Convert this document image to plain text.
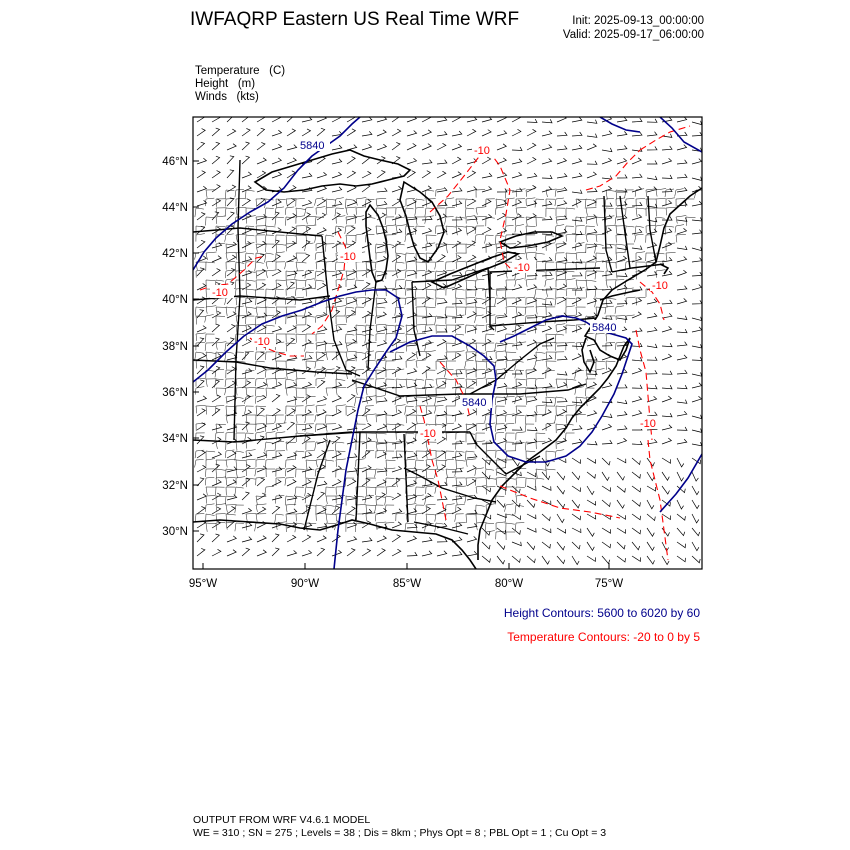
IWFAQRP Eastern US Real Time WRF	Init: 2025-09-13_00:00:00
Valid: 2025-09-17_06:00:00
Temperature   (C)
Height   (m)
Winds   (kts)
5840
5840
5840
-10
-10
-10
-10
-10
-10
-10
-10
46°N
44°N
42°N
40°N
38°N
36°N
34°N
32°N
30°N
95°W	90°W	85°W	80°W	75°W
Height Contours: 5600 to 6020 by 60
Temperature Contours: -20 to 0 by 5
OUTPUT FROM WRF V4.6.1 MODEL
WE = 310 ; SN = 275 ; Levels = 38 ; Dis = 8km ; Phys Opt = 8 ; PBL Opt = 1 ; Cu Opt = 3
